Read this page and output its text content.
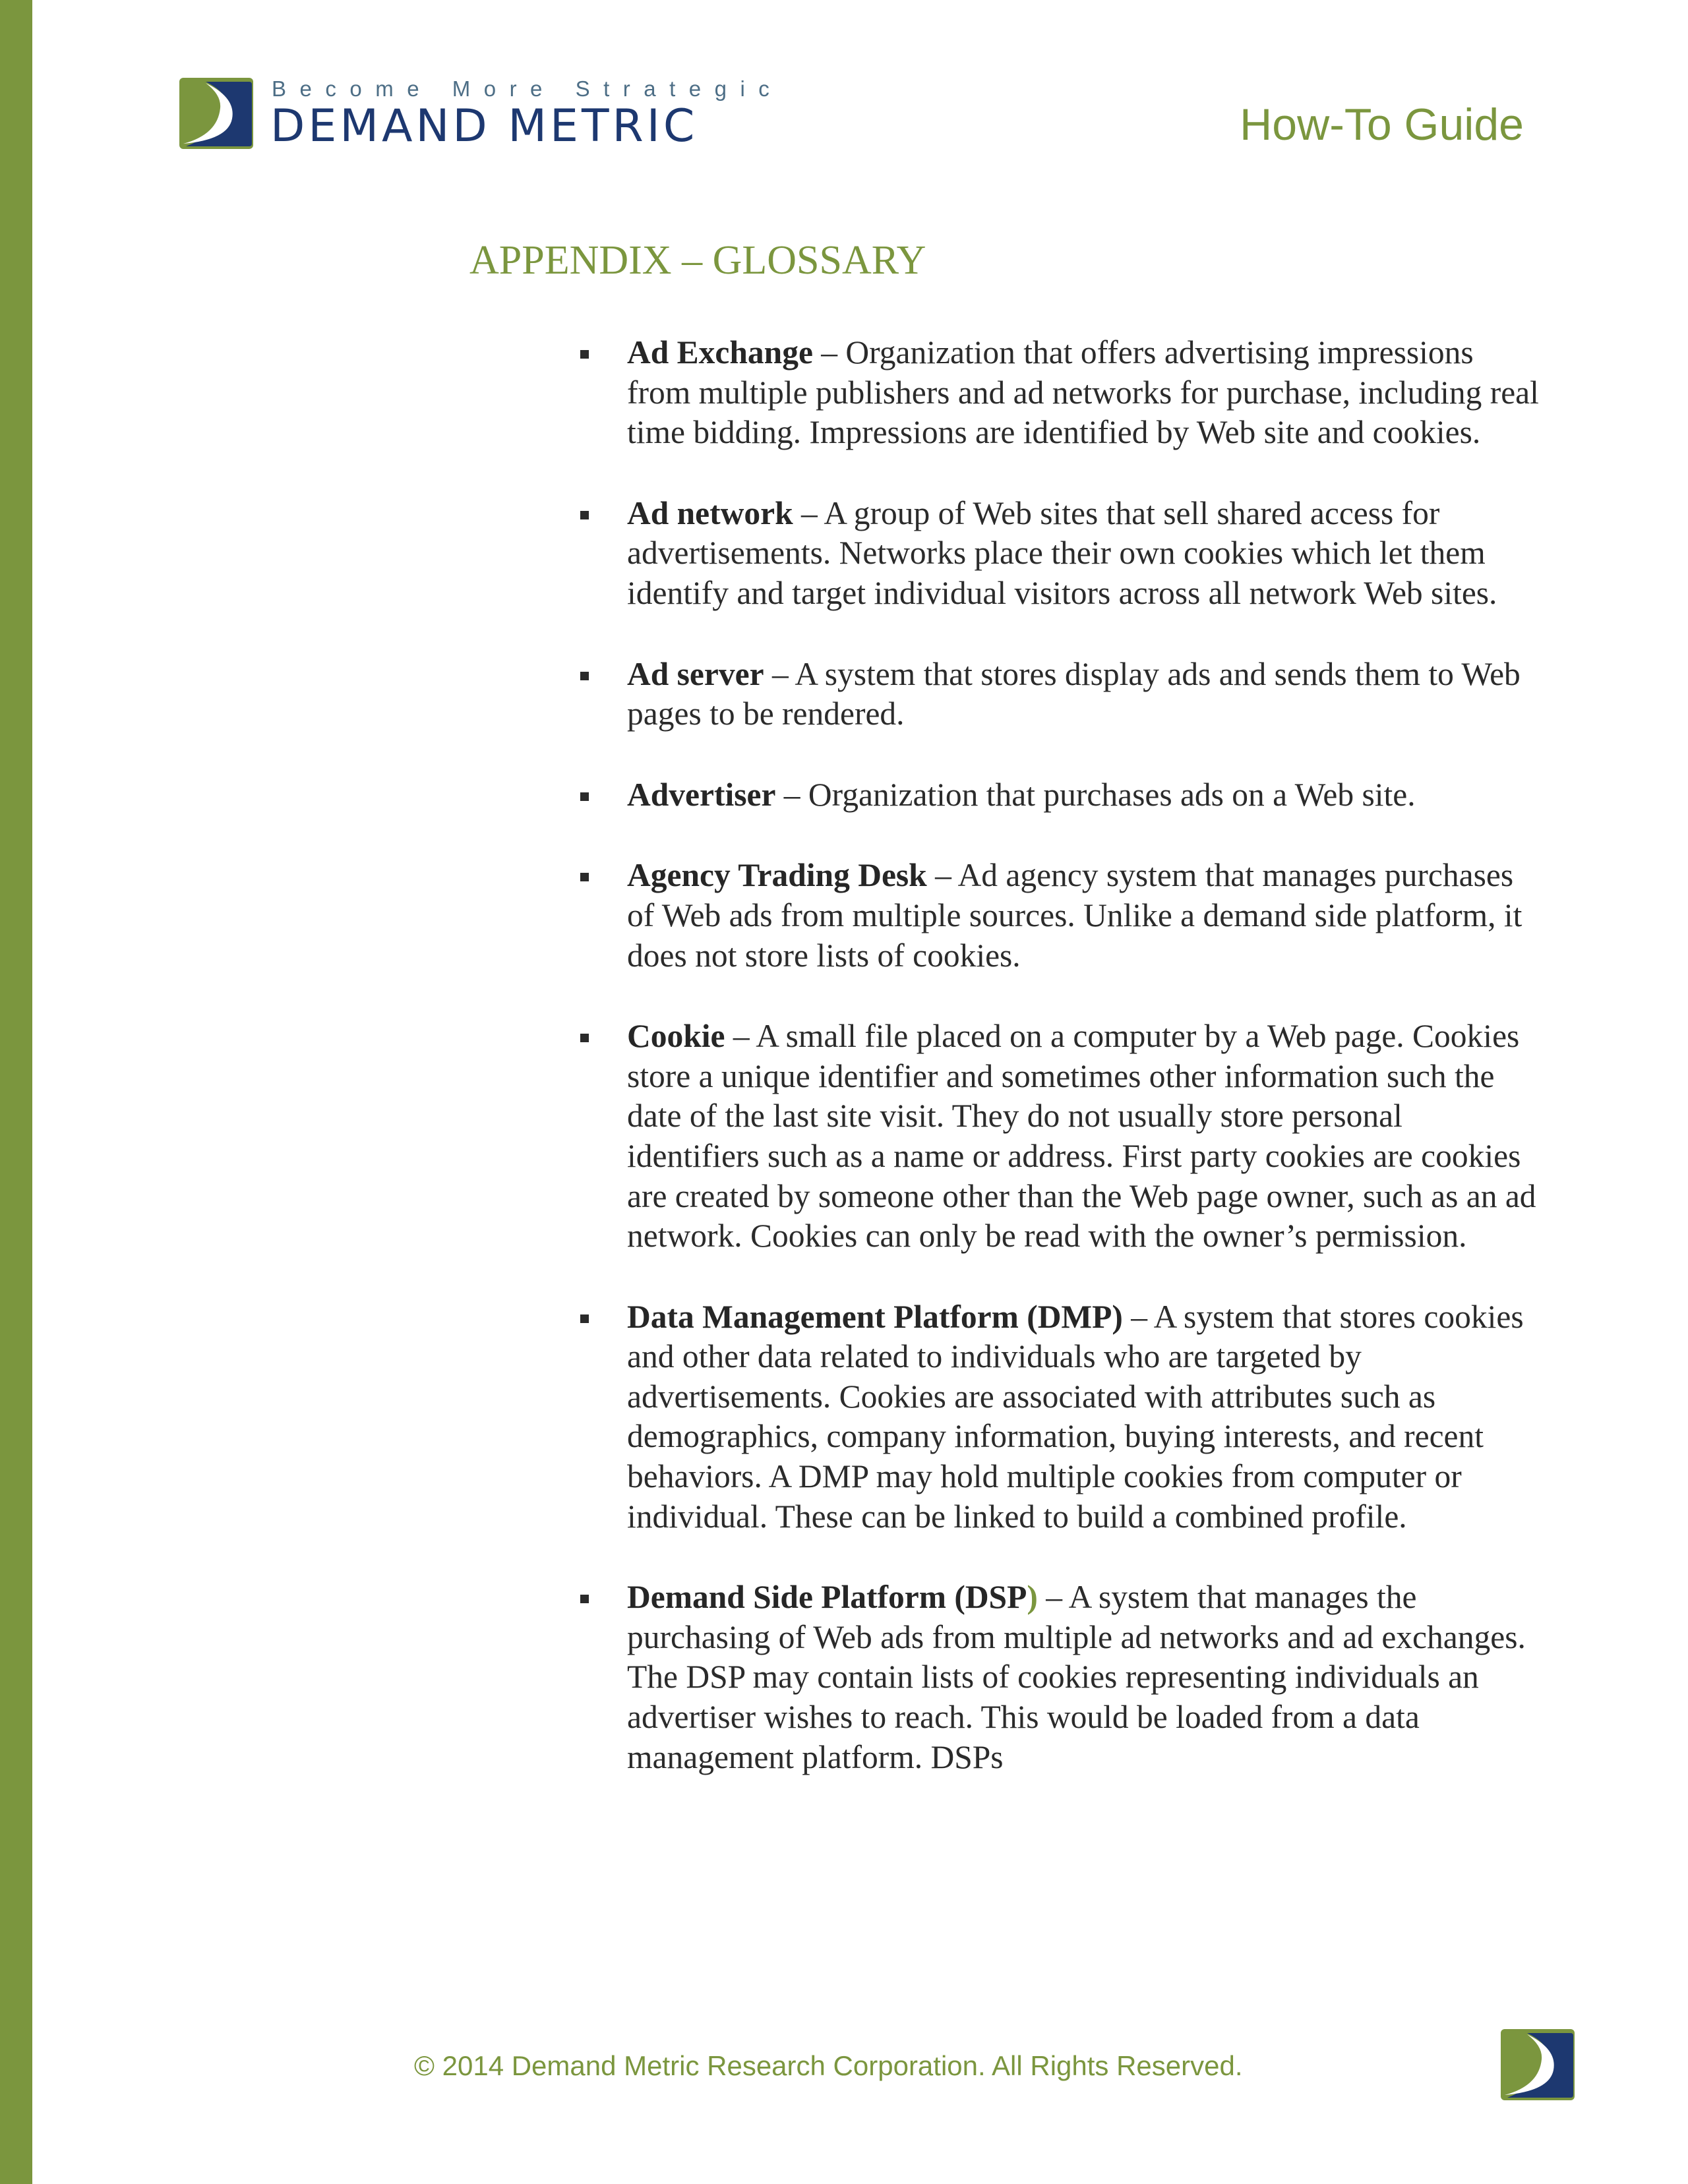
Become More Strategic
DEMAND METRIC	How-To Guide
APPENDIX – GLOSSARY
Ad Exchange – Organization that offers advertising impressions from multiple publishers and ad networks for purchase, including real time bidding. Impressions are identified by Web site and cookies.
Ad network – A group of Web sites that sell shared access for advertisements. Networks place their own cookies which let them identify and target individual visitors across all network Web sites.
Ad server – A system that stores display ads and sends them to Web pages to be rendered.
Advertiser – Organization that purchases ads on a Web site.
Agency Trading Desk – Ad agency system that manages purchases of Web ads from multiple sources. Unlike a demand side platform, it does not store lists of cookies.
Cookie – A small file placed on a computer by a Web page. Cookies store a unique identifier and sometimes other information such the date of the last site visit. They do not usually store personal identifiers such as a name or address. First party cookies are cookies are created by someone other than the Web page owner, such as an ad network. Cookies can only be read with the owner’s permission.
Data Management Platform (DMP) – A system that stores cookies and other data related to individuals who are targeted by advertisements. Cookies are associated with attributes such as demographics, company information, buying interests, and recent behaviors. A DMP may hold multiple cookies from computer or individual. These can be linked to build a combined profile.
Demand Side Platform (DSP) – A system that manages the purchasing of Web ads from multiple ad networks and ad exchanges. The DSP may contain lists of cookies representing individuals an advertiser wishes to reach. This would be loaded from a data management platform. DSPs
© 2014 Demand Metric Research Corporation. All Rights Reserved.
